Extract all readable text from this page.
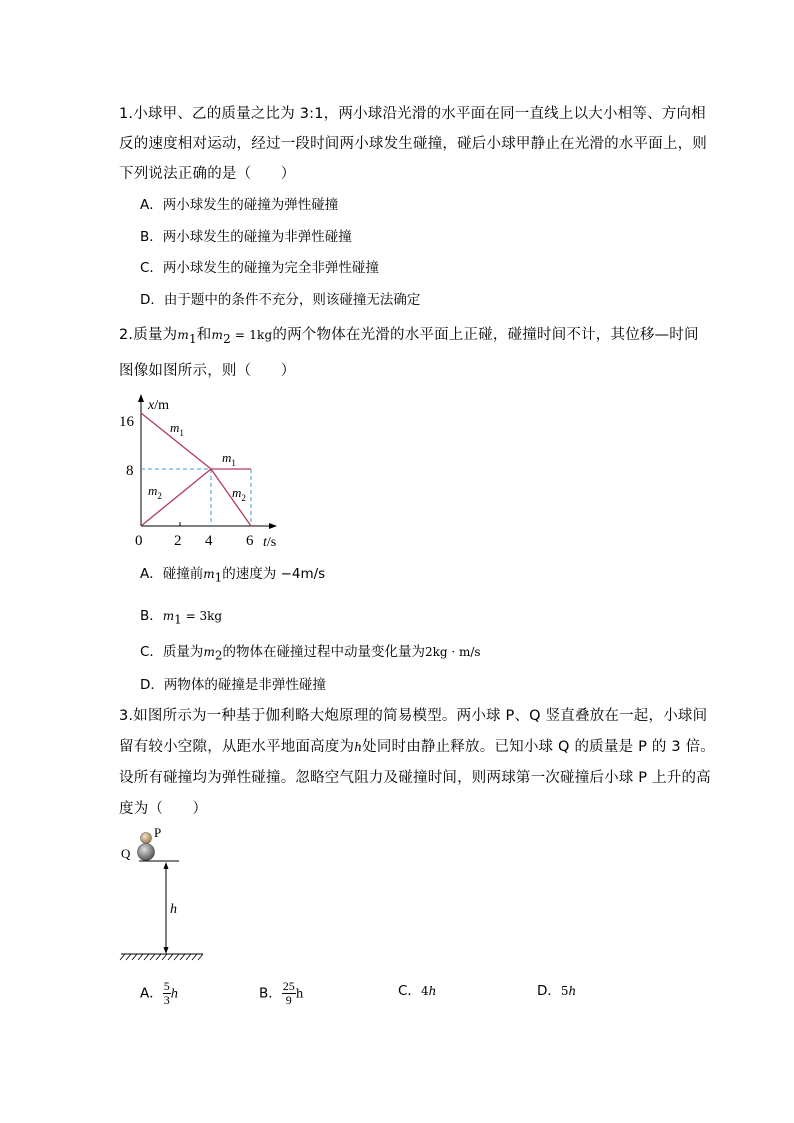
1.小球甲、乙的质量之比为 3:1，两小球沿光滑的水平面在同一直线上以大小相等、方向相
反的速度相对运动，经过一段时间两小球发生碰撞，碰后小球甲静止在光滑的水平面上，则
下列说法正确的是（　　）
A．两小球发生的碰撞为弹性碰撞
B．两小球发生的碰撞为非弹性碰撞
C．两小球发生的碰撞为完全非弹性碰撞
D．由于题中的条件不充分，则该碰撞无法确定
2.质量为$m_1$和$m_2 = 1kg$的两个物体在光滑的水平面上正碰，碰撞时间不计，其位移—时间
图像如图所示，则（　　）
x/m
t/s
16
8
0 2 4 6
$m_1$
$m_1$
$m_2$	$m_2$
A．碰撞前$m_1$的速度为 −4m/s
B．$m_1 = 3kg$
C．质量为$m_2$的物体在碰撞过程中动量变化量为2kg · m/s
D．两物体的碰撞是非弹性碰撞
3.如图所示为一种基于伽利略大炮原理的简易模型。两小球 P、Q 竖直叠放在一起，小球间
留有较小空隙，从距水平地面高度为h处同时由静止释放。已知小球 Q 的质量是 P 的 3 倍。
设所有碰撞均为弹性碰撞。忽略空气阻力及碰撞时间，则两球第一次碰撞后小球 P 上升的高
度为（　　）
P
Q
h
A． $\frac{5}{3}$ h	B． $\frac{25}{9}$ h	C．4h	D．5h
